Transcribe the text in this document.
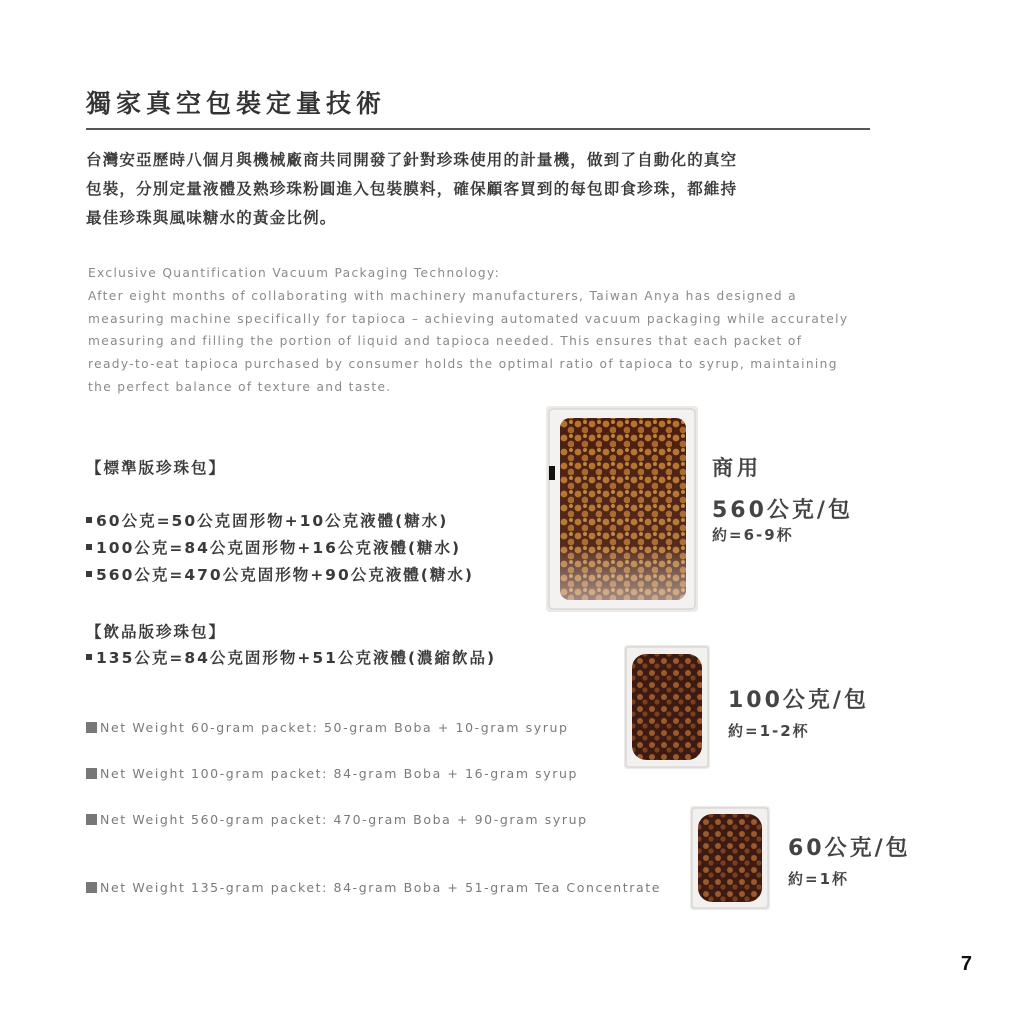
獨家真空包裝定量技術
台灣安亞歷時八個月與機械廠商共同開發了針對珍珠使用的計量機，做到了自動化的真空
包裝，分別定量液體及熟珍珠粉圓進入包裝膜料，確保顧客買到的每包即食珍珠，都維持
最佳珍珠與風味糖水的黃金比例。
Exclusive Quantification Vacuum Packaging Technology:
After eight months of collaborating with machinery manufacturers, Taiwan Anya has designed a
measuring machine specifically for tapioca – achieving automated vacuum packaging while accurately
measuring and filling the portion of liquid and tapioca needed. This ensures that each packet of
ready-to-eat tapioca purchased by consumer holds the optimal ratio of tapioca to syrup, maintaining
the perfect balance of texture and taste.
【標準版珍珠包】
60公克=50公克固形物+10公克液體(糖水)
100公克=84公克固形物+16公克液體(糖水)
560公克=470公克固形物+90公克液體(糖水)
【飲品版珍珠包】
135公克=84公克固形物+51公克液體(濃縮飲品)
Net Weight 60-gram packet: 50-gram Boba + 10-gram syrup
Net Weight 100-gram packet: 84-gram Boba + 16-gram syrup
Net Weight 560-gram packet: 470-gram Boba + 90-gram syrup
Net Weight 135-gram packet: 84-gram Boba + 51-gram Tea Concentrate
商用
560公克/包
約=6-9杯
100公克/包
約=1-2杯
60公克/包
約=1杯
7
